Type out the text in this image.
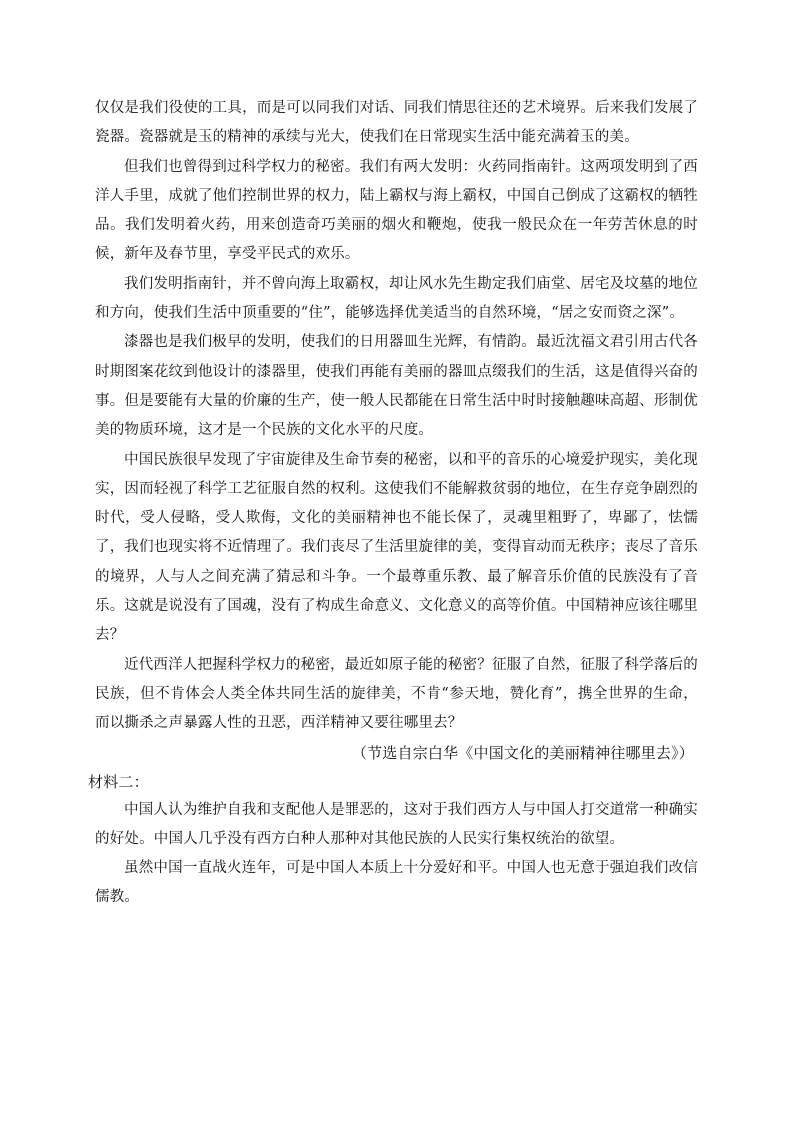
仅仅是我们役使的工具，而是可以同我们对话、同我们情思往还的艺术境界。后来我们发展了瓷器。瓷器就是玉的精神的承续与光大，使我们在日常现实生活中能充满着玉的美。

但我们也曾得到过科学权力的秘密。我们有两大发明：火药同指南针。这两项发明到了西洋人手里，成就了他们控制世界的权力，陆上霸权与海上霸权，中国自己倒成了这霸权的牺牲品。我们发明着火药，用来创造奇巧美丽的烟火和鞭炮，使我一般民众在一年劳苦休息的时候，新年及春节里，享受平民式的欢乐。

我们发明指南针，并不曾向海上取霸权，却让风水先生勘定我们庙堂、居宅及坟墓的地位和方向，使我们生活中顶重要的“住”，能够选择优美适当的自然环境，“居之安而资之深”。

漆器也是我们极早的发明，使我们的日用器皿生光辉，有情韵。最近沈福文君引用古代各时期图案花纹到他设计的漆器里，使我们再能有美丽的器皿点缀我们的生活，这是值得兴奋的事。但是要能有大量的价廉的生产，使一般人民都能在日常生活中时时接触趣味高超、形制优美的物质环境，这才是一个民族的文化水平的尺度。

中国民族很早发现了宇宙旋律及生命节奏的秘密，以和平的音乐的心境爱护现实，美化现实，因而轻视了科学工艺征服自然的权利。这使我们不能解救贫弱的地位，在生存竞争剧烈的时代，受人侵略，受人欺侮，文化的美丽精神也不能长保了，灵魂里粗野了，卑鄙了，怯懦了，我们也现实将不近情理了。我们丧尽了生活里旋律的美，变得盲动而无秩序；丧尽了音乐的境界，人与人之间充满了猜忌和斗争。一个最尊重乐教、最了解音乐价值的民族没有了音乐。这就是说没有了国魂，没有了构成生命意义、文化意义的高等价值。中国精神应该往哪里去？

近代西洋人把握科学权力的秘密，最近如原子能的秘密？征服了自然，征服了科学落后的民族，但不肯体会人类全体共同生活的旋律美，不肯“参天地，赞化育”，携全世界的生命，而以撕杀之声暴露人性的丑恶，西洋精神又要往哪里去？

（节选自宗白华《中国文化的美丽精神往哪里去》）

材料二：

中国人认为维护自我和支配他人是罪恶的，这对于我们西方人与中国人打交道常一种确实的好处。中国人几乎没有西方白种人那种对其他民族的人民实行集权统治的欲望。

虽然中国一直战火连年，可是中国人本质上十分爱好和平。中国人也无意于强迫我们改信儒教。
